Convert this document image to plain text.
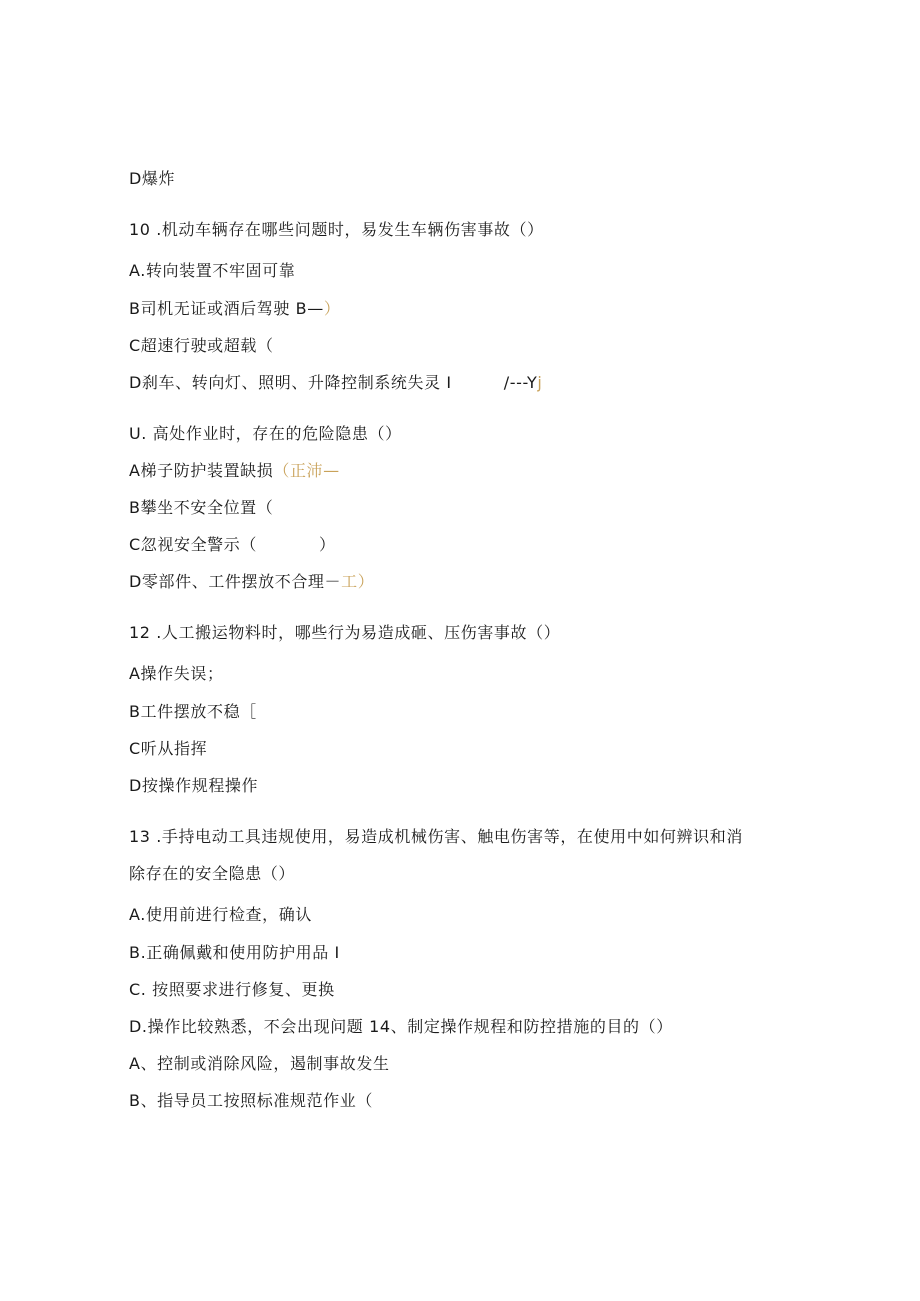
D爆炸
10 .机动车辆存在哪些问题时，易发生车辆伤害事故（）
A.转向装置不牢固可靠
B司机无证或酒后驾驶 B—）
C超速行驶或超载（
D刹车、转向灯、照明、升降控制系统失灵 I	/---Yj
U. 高处作业时，存在的危险隐患（）
A梯子防护装置缺损（正沛—
B攀坐不安全位置（
C忽视安全警示（	）
D零部件、工件摆放不合理－工）
12 .人工搬运物料时，哪些行为易造成砸、压伤害事故（）
A操作失误；
B工件摆放不稳［
C听从指挥
D按操作规程操作
13 .手持电动工具违规使用，易造成机械伤害、触电伤害等，在使用中如何辨识和消
除存在的安全隐患（）
A.使用前进行检查，确认
B.正确佩戴和使用防护用品 I
C. 按照要求进行修复、更换
D.操作比较熟悉，不会出现问题 14、制定操作规程和防控措施的目的（）
A、控制或消除风险，遏制事故发生
B、指导员工按照标准规范作业（
